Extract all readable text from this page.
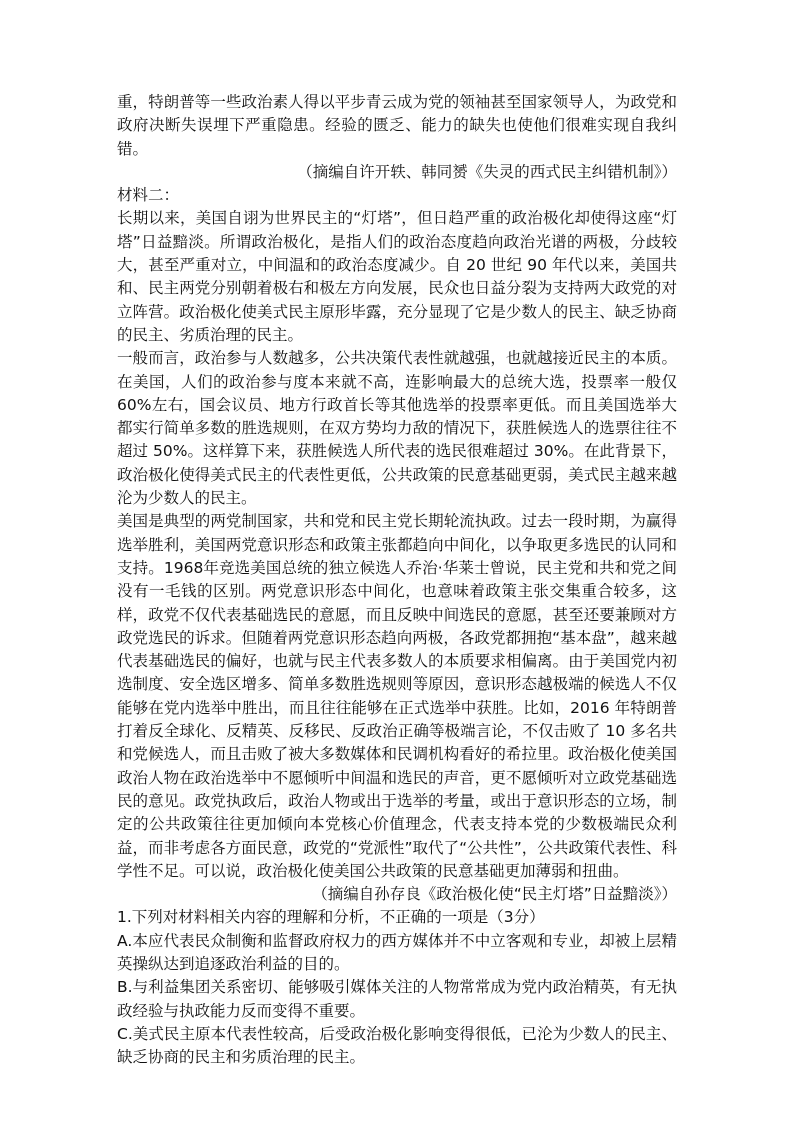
重，特朗普等一些政治素人得以平步青云成为党的领袖甚至国家领导人，为政党和政府决断失误埋下严重隐患。经验的匮乏、能力的缺失也使他们很难实现自我纠错。

（摘编自许开轶、韩同赟《失灵的西式民主纠错机制》）

材料二：

长期以来，美国自诩为世界民主的“灯塔”，但日趋严重的政治极化却使得这座“灯塔”日益黯淡。所谓政治极化，是指人们的政治态度趋向政治光谱的两极，分歧较大，甚至严重对立，中间温和的政治态度减少。自 20 世纪 90 年代以来，美国共和、民主两党分别朝着极右和极左方向发展，民众也日益分裂为支持两大政党的对立阵营。政治极化使美式民主原形毕露，充分显现了它是少数人的民主、缺乏协商的民主、劣质治理的民主。

一般而言，政治参与人数越多，公共决策代表性就越强，也就越接近民主的本质。在美国，人们的政治参与度本来就不高，连影响最大的总统大选，投票率一般仅 60%左右，国会议员、地方行政首长等其他选举的投票率更低。而且美国选举大都实行简单多数的胜选规则，在双方势均力敌的情况下，获胜候选人的选票往往不超过 50%。这样算下来，获胜候选人所代表的选民很难超过 30%。在此背景下，政治极化使得美式民主的代表性更低，公共政策的民意基础更弱，美式民主越来越沦为少数人的民主。

美国是典型的两党制国家，共和党和民主党长期轮流执政。过去一段时期，为赢得选举胜利，美国两党意识形态和政策主张都趋向中间化，以争取更多选民的认同和支持。1968年竞选美国总统的独立候选人乔治·华莱士曾说，民主党和共和党之间没有一毛钱的区别。两党意识形态中间化，也意味着政策主张交集重合较多，这样，政党不仅代表基础选民的意愿，而且反映中间选民的意愿，甚至还要兼顾对方政党选民的诉求。但随着两党意识形态趋向两极，各政党都拥抱“基本盘”，越来越代表基础选民的偏好，也就与民主代表多数人的本质要求相偏离。由于美国党内初选制度、安全选区增多、简单多数胜选规则等原因，意识形态越极端的候选人不仅能够在党内选举中胜出，而且往往能够在正式选举中获胜。比如，2016 年特朗普打着反全球化、反精英、反移民、反政治正确等极端言论，不仅击败了 10 多名共和党候选人，而且击败了被大多数媒体和民调机构看好的希拉里。政治极化使美国政治人物在政治选举中不愿倾听中间温和选民的声音，更不愿倾听对立政党基础选民的意见。政党执政后，政治人物或出于选举的考量，或出于意识形态的立场，制定的公共政策往往更加倾向本党核心价值理念，代表支持本党的少数极端民众利益，而非考虑各方面民意，政党的“党派性”取代了“公共性”，公共政策代表性、科学性不足。可以说，政治极化使美国公共政策的民意基础更加薄弱和扭曲。

（摘编自孙存良《政治极化使“民主灯塔”日益黯淡》）

1.下列对材料相关内容的理解和分析，不正确的一项是（3分）

A.本应代表民众制衡和监督政府权力的西方媒体并不中立客观和专业，却被上层精英操纵达到追逐政治利益的目的。

B.与利益集团关系密切、能够吸引媒体关注的人物常常成为党内政治精英，有无执政经验与执政能力反而变得不重要。

C.美式民主原本代表性较高，后受政治极化影响变得很低，已沦为少数人的民主、缺乏协商的民主和劣质治理的民主。
